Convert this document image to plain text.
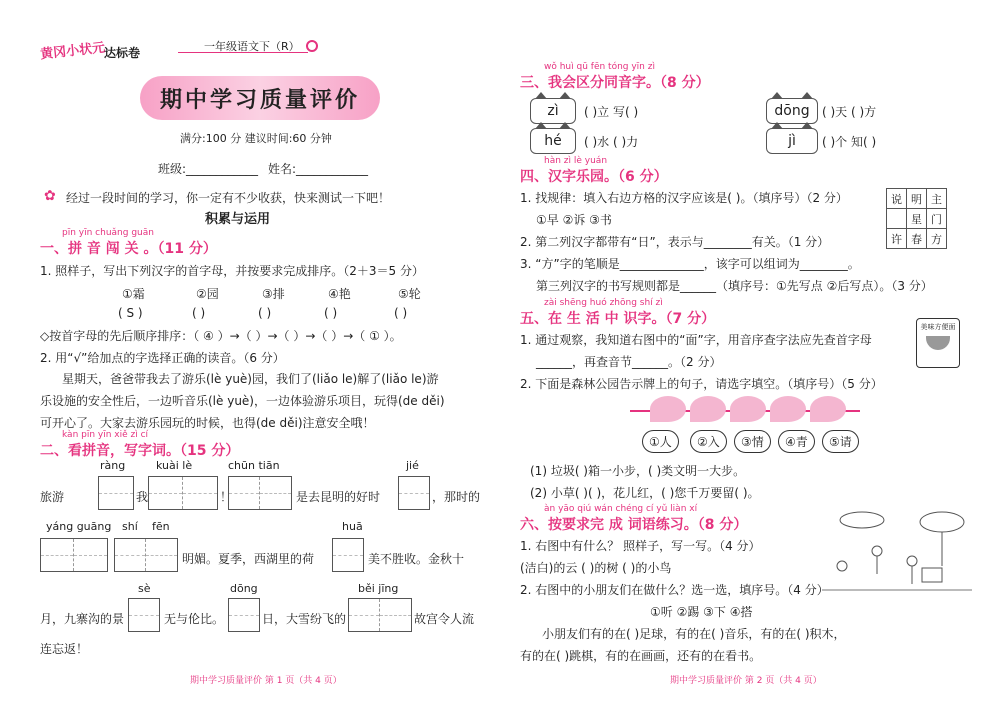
黄冈小状元
达标卷	一年级语文下（R）
期中学习质量评价
满分:100 分 建议时间:60 分钟
班级:____________ 姓名:____________
✿ 经过一段时间的学习，你一定有不少收获，快来测试一下吧！
积累与运用
pīn yīn chuǎng guān
一、拼 音 闯 关 。（11 分）
1. 照样子，写出下列汉字的首字母，并按要求完成排序。（2＋3＝5 分）
①霜	②园	③排	④艳	⑤轮
( S )	( )	( )	( )	( )
◇按首字母的先后顺序排序：（ ④ ）→（ ）→（ ）→（ ）→（ ① ）。
2. 用“√”给加点的字选择正确的读音。（6 分）
星期天，爸爸带我去了游乐(lè yuè)园，我们了(liǎo le)解了(liǎo le)游
乐设施的安全性后，一边听音乐(lè yuè)，一边体验游乐项目，玩得(de děi)
可开心了。大家去游乐园玩的时候，也得(de děi)注意安全哦！
kàn pīn yīn xiě zì cí
二、看拼音，写字词。（15 分）
ràng	kuài lè	chūn tiān	jié
旅游	我	！	是去昆明的好时	，那时的
yáng guāng shí fēn	huā
明媚。夏季，西湖里的荷	美不胜收。金秋十
sè	dōng	běi jīng
月，九寨沟的景	无与伦比。	日，大雪纷飞的	故宫令人流
连忘返！
期中学习质量评价 第 1 页（共 4 页）
wǒ huì qū fēn tóng yīn zì
三、我会区分同音字。（8 分）
zì	( )立 写( )	dōng	( )天 ( )方
hé	( )水 ( )力	jì	( )个 知( )
hàn zì lè yuán
四、汉字乐园。（6 分）
1. 找规律：填入右边方格的汉字应该是( )。（填序号）（2 分）
①早 ②诉 ③书
2. 第二列汉字都带有“日”，表示与________有关。（1 分）
3. “方”字的笔顺是______________，该字可以组词为________。
第三列汉字的书写规则都是______（填序号：①先写点 ②后写点）。（3 分）
说	明	主
	星	门
许	春	方
zài shēng huó zhōng shí zì
五、在 生 活 中 识字。（7 分）
1. 通过观察，我知道右图中的“面”字，用音序查字法应先查首字母
______，再查音节______。（2 分）
2. 下面是森林公园告示牌上的句子，请选字填空。（填序号）（5 分）
美味方便面
①人	②入	③情	④青	⑤请
(1) 垃圾( )箱一小步，( )类文明一大步。
(2) 小草( )( )，花儿红，( )您千万要留( )。
àn yāo qiú wán chéng cí yǔ liàn xí
六、按要求完 成 词语练习。（8 分）
1. 右图中有什么？ 照样子，写一写。（4 分）
(洁白)的云 ( )的树 ( )的小鸟
2. 右图中的小朋友们在做什么？选一选，填序号。（4 分）
①听 ②踢 ③下 ④搭
小朋友们有的在( )足球，有的在( )音乐，有的在( )积木，
有的在( )跳棋，有的在画画，还有的在看书。
期中学习质量评价 第 2 页（共 4 页）
